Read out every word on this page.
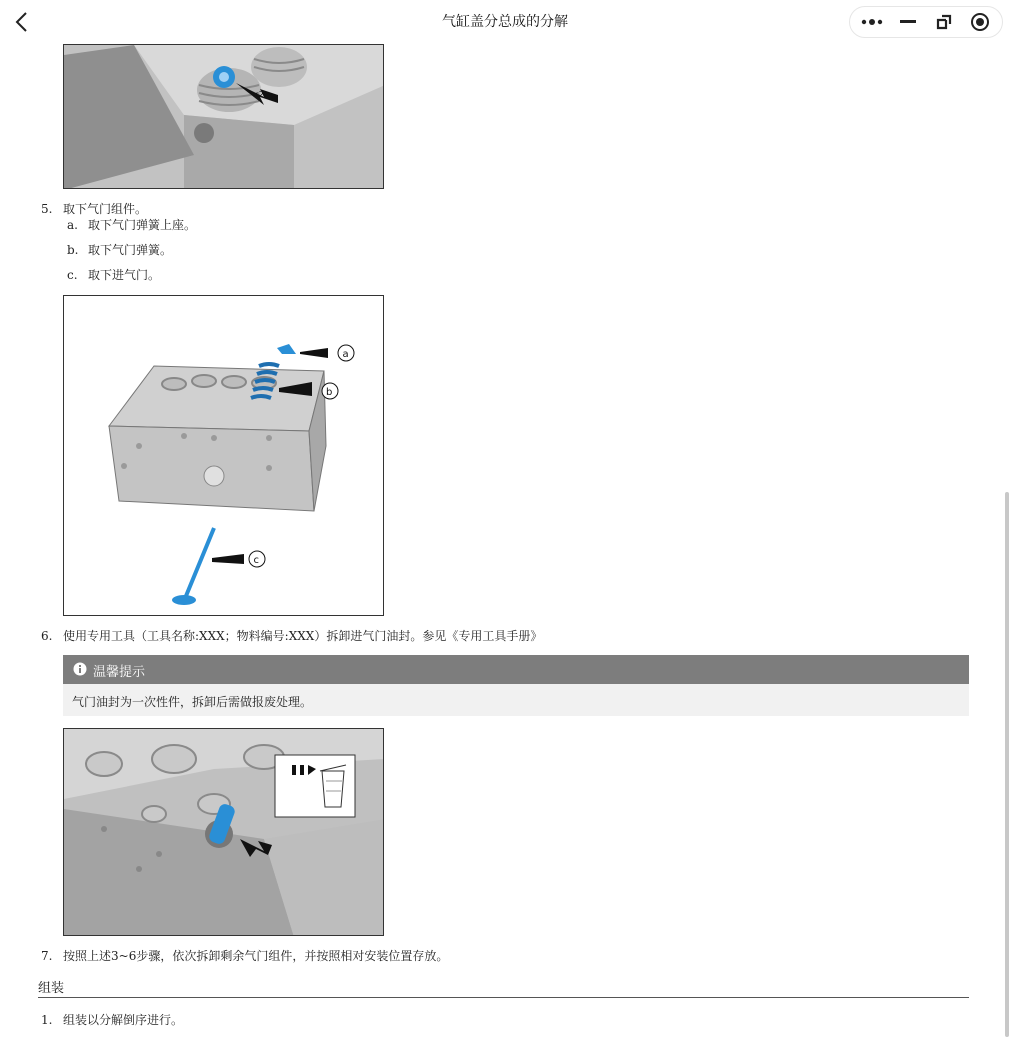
气缸盖分总成的分解
×2
5. 取下气门组件。
a. 取下气门弹簧上座。
b. 取下气门弹簧。
c. 取下进气门。
a
b
c
6. 使用专用工具（工具名称:XXX；物料编号:XXX）拆卸进气门油封。参见《专用工具手册》
温馨提示
气门油封为一次性件，拆卸后需做报废处理。
7. 按照上述3~6步骤，依次拆卸剩余气门组件，并按照相对安装位置存放。
组装
1. 组装以分解倒序进行。
